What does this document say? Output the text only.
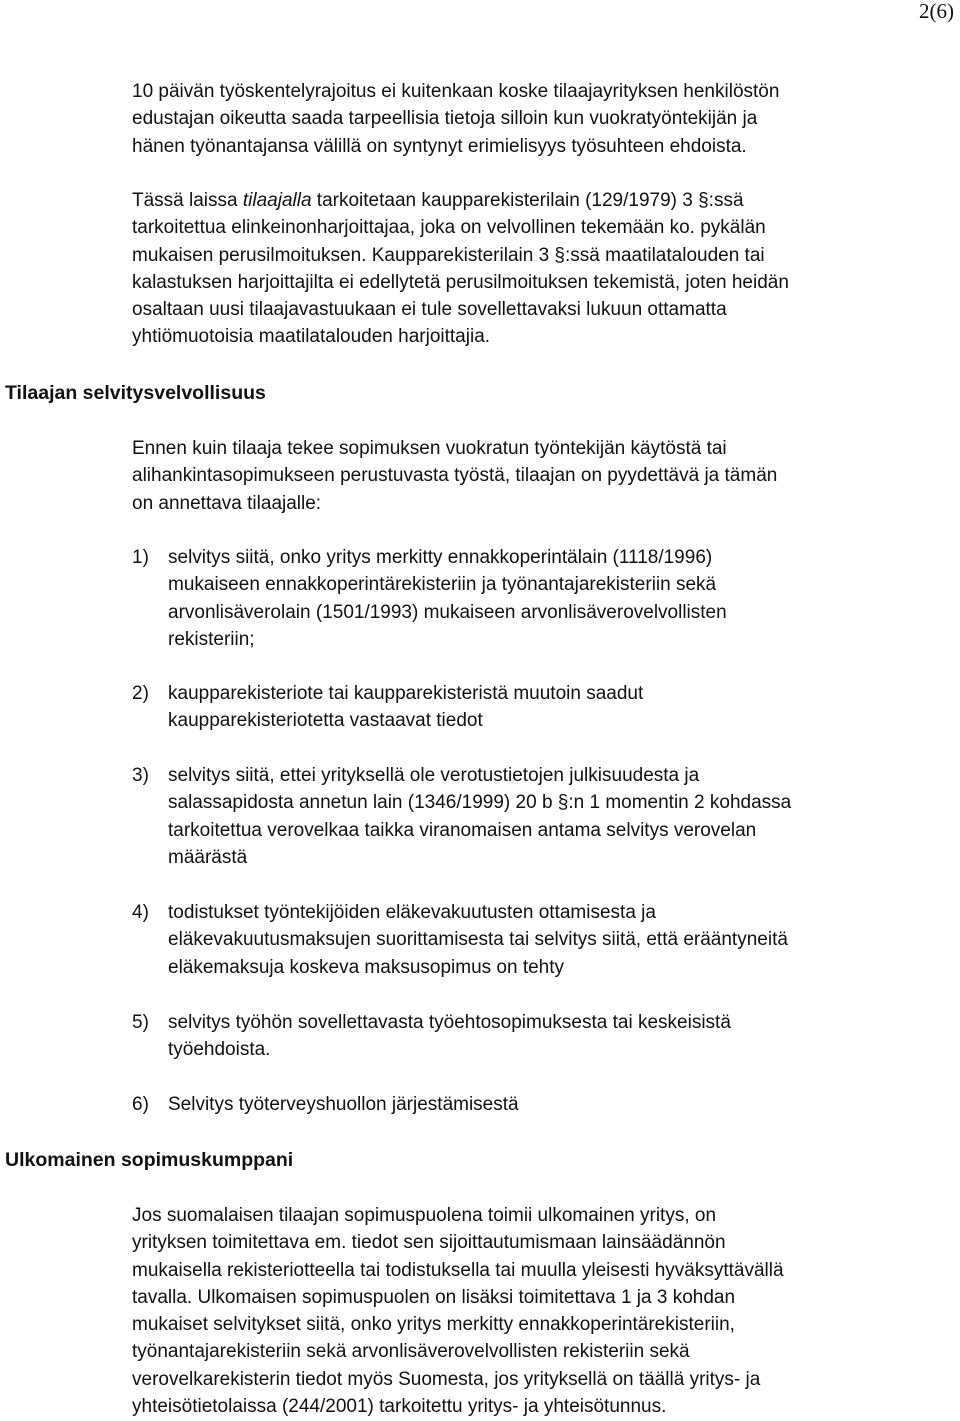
2(6)

10 päivän työskentelyrajoitus ei kuitenkaan koske tilaajayrityksen henkilöstön
edustajan oikeutta saada tarpeellisia tietoja silloin kun vuokratyöntekijän ja
hänen työnantajansa välillä on syntynyt erimielisyys työsuhteen ehdoista.

Tässä laissa tilaajalla tarkoitetaan kaupparekisterilain (129/1979) 3 §:ssä
tarkoitettua elinkeinonharjoittajaa, joka on velvollinen tekemään ko. pykälän
mukaisen perusilmoituksen. Kaupparekisterilain 3 §:ssä maatilatalouden tai
kalastuksen harjoittajilta ei edellytetä perusilmoituksen tekemistä, joten heidän
osaltaan uusi tilaajavastuukaan ei tule sovellettavaksi lukuun ottamatta
yhtiömuotoisia maatilatalouden harjoittajia.

Tilaajan selvitysvelvollisuus

Ennen kuin tilaaja tekee sopimuksen vuokratun työntekijän käytöstä tai
alihankintasopimukseen perustuvasta työstä, tilaajan on pyydettävä ja tämän
on annettava tilaajalle:

1) selvitys siitä, onko yritys merkitty ennakkoperintälain (1118/1996)
mukaiseen ennakkoperintärekisteriin ja työnantajarekisteriin sekä
arvonlisäverolain (1501/1993) mukaiseen arvonlisäverovelvollisten
rekisteriin;
2) kaupparekisteriote tai kaupparekisteristä muutoin saadut
kaupparekisteriotetta vastaavat tiedot
3) selvitys siitä, ettei yrityksellä ole verotustietojen julkisuudesta ja
salassapidosta annetun lain (1346/1999) 20 b §:n 1 momentin 2 kohdassa
tarkoitettua verovelkaa taikka viranomaisen antama selvitys verovelan
määrästä
4) todistukset työntekijöiden eläkevakuutusten ottamisesta ja
eläkevakuutusmaksujen suorittamisesta tai selvitys siitä, että erääntyneitä
eläkemaksuja koskeva maksusopimus on tehty
5) selvitys työhön sovellettavasta työehtosopimuksesta tai keskeisistä
työehdoista.
6) Selvitys työterveyshuollon järjestämisestä
Ulkomainen sopimuskumppani

Jos suomalaisen tilaajan sopimuspuolena toimii ulkomainen yritys, on
yrityksen toimitettava em. tiedot sen sijoittautumismaan lainsäädännön
mukaisella rekisteriotteella tai todistuksella tai muulla yleisesti hyväksyttävällä
tavalla. Ulkomaisen sopimuspuolen on lisäksi toimitettava 1 ja 3 kohdan
mukaiset selvitykset siitä, onko yritys merkitty ennakkoperintärekisteriin,
työnantajarekisteriin sekä arvonlisäverovelvollisten rekisteriin sekä
verovelkarekisterin tiedot myös Suomesta, jos yrityksellä on täällä yritys- ja
yhteisötietolaissa (244/2001) tarkoitettu yritys- ja yhteisötunnus.
